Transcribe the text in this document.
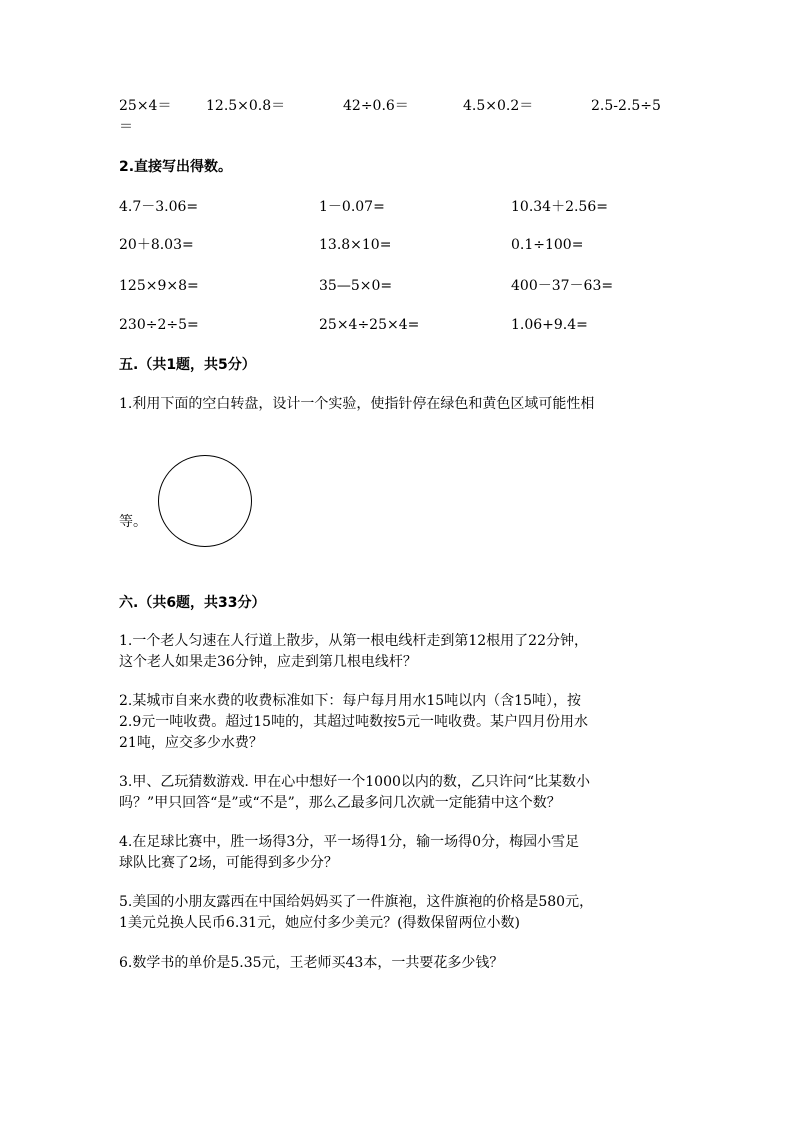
25×4＝ 12.5×0.8＝	42÷0.6＝	4.5×0.2＝	2.5-2.5÷5
＝
2.直接写出得数。
4.7－3.06=	1－0.07=	10.34＋2.56=
20＋8.03=	13.8×10=	0.1÷100=
125×9×8=	35—5×0=	400－37－63=
230÷2÷5=	25×4÷25×4=	1.06+9.4=
五.（共1题，共5分）
1.利用下面的空白转盘，设计一个实验，使指针停在绿色和黄色区域可能性相
等。
六.（共6题，共33分）
1.一个老人匀速在人行道上散步，从第一根电线杆走到第12根用了22分钟，
这个老人如果走36分钟，应走到第几根电线杆？
2.某城市自来水费的收费标准如下：每户每月用水15吨以内（含15吨），按
2.9元一吨收费。超过15吨的，其超过吨数按5元一吨收费。某户四月份用水
21吨，应交多少水费？
3.甲、乙玩猜数游戏. 甲在心中想好一个1000以内的数，乙只许问“比某数小
吗？”甲只回答“是”或“不是”，那么乙最多问几次就一定能猜中这个数？
4.在足球比赛中，胜一场得3分，平一场得1分，输一场得0分，梅园小雪足
球队比赛了2场，可能得到多少分？
5.美国的小朋友露西在中国给妈妈买了一件旗袍，这件旗袍的价格是580元，
1美元兑换人民币6.31元，她应付多少美元？(得数保留两位小数)
6.数学书的单价是5.35元，王老师买43本，一共要花多少钱？
